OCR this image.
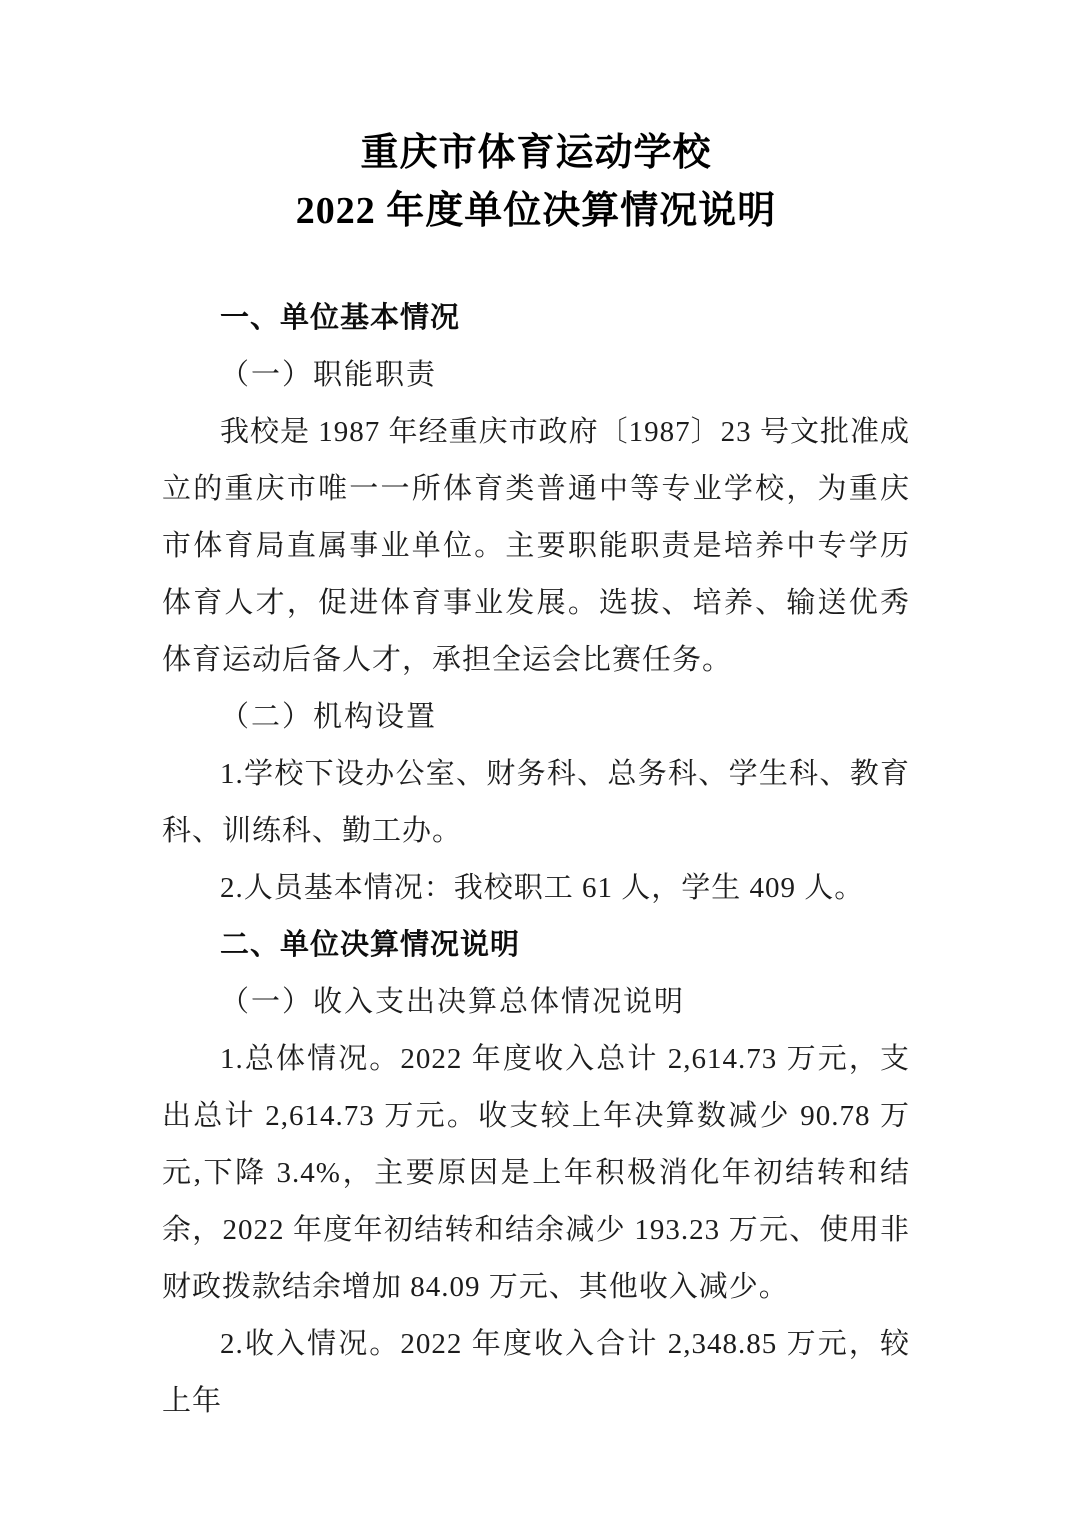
重庆市体育运动学校
2022 年度单位决算情况说明
一、单位基本情况
（一）职能职责

我校是 1987 年经重庆市政府〔1987〕23 号文批准成立的重庆市唯一一所体育类普通中等专业学校，为重庆市体育局直属事业单位。主要职能职责是培养中专学历体育人才，促进体育事业发展。选拔、培养、输送优秀体育运动后备人才，承担全运会比赛任务。

（二）机构设置

1.学校下设办公室、财务科、总务科、学生科、教育科、训练科、勤工办。

2.人员基本情况：我校职工 61 人，学生 409 人。

二、单位决算情况说明
（一）收入支出决算总体情况说明

1.总体情况。2022 年度收入总计 2,614.73 万元，支出总计 2,614.73 万元。收支较上年决算数减少 90.78 万元,下降 3.4%，主要原因是上年积极消化年初结转和结余，2022 年度年初结转和结余减少 193.23 万元、使用非财政拨款结余增加 84.09 万元、其他收入减少。

2.收入情况。2022 年度收入合计 2,348.85 万元，较上年
